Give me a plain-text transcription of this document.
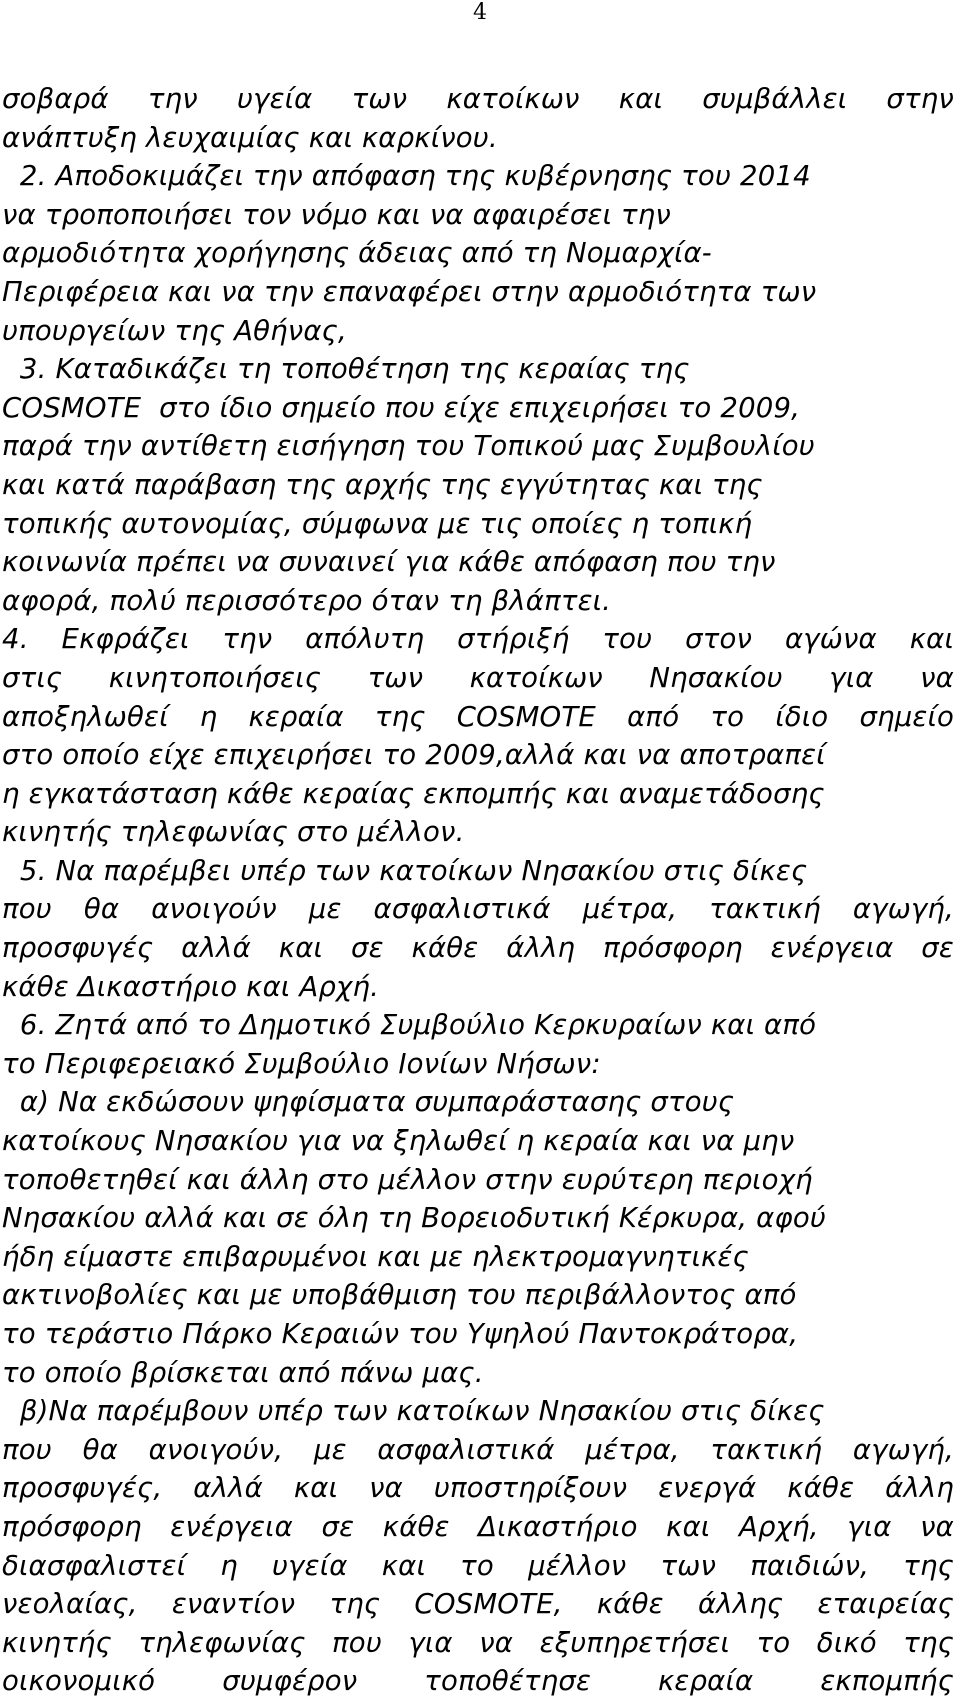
4
σοβαρά την υγεία των κατοίκων και συμβάλλει στην
ανάπτυξη λευχαιμίας και καρκίνου.
2. Αποδοκιμάζει την απόφαση της κυβέρνησης του 2014
να τροποποιήσει τον νόμο και να αφαιρέσει την
αρμοδιότητα χορήγησης άδειας από τη Νομαρχία-
Περιφέρεια και να την επαναφέρει στην αρμοδιότητα των
υπουργείων της Αθήνας,
3. Καταδικάζει τη τοποθέτηση της κεραίας της
COSMOTE  στο ίδιο σημείο που είχε επιχειρήσει το 2009,
παρά την αντίθετη εισήγηση του Τοπικού μας Συμβουλίου
και κατά παράβαση της αρχής της εγγύτητας και της
τοπικής αυτονομίας, σύμφωνα με τις οποίες η τοπική
κοινωνία πρέπει να συναινεί για κάθε απόφαση που την
αφορά, πολύ περισσότερο όταν τη βλάπτει.
4. Εκφράζει την απόλυτη στήριξή του στον αγώνα και
στις κινητοποιήσεις των κατοίκων Νησακίου για να
αποξηλωθεί η κεραία της COSMOTE από το ίδιο σημείο
στο οποίο είχε επιχειρήσει το 2009,αλλά και να αποτραπεί
η εγκατάσταση κάθε κεραίας εκπομπής και αναμετάδοσης
κινητής τηλεφωνίας στο μέλλον.
5. Να παρέμβει υπέρ των κατοίκων Νησακίου στις δίκες
που θα ανοιγούν με ασφαλιστικά μέτρα, τακτική αγωγή,
προσφυγές αλλά και σε κάθε άλλη πρόσφορη ενέργεια σε
κάθε Δικαστήριο και Αρχή.
6. Ζητά από το Δημοτικό Συμβούλιο Κερκυραίων και από
το Περιφερειακό Συμβούλιο Ιονίων Νήσων:
α) Να εκδώσουν ψηφίσματα συμπαράστασης στους
κατοίκους Νησακίου για να ξηλωθεί η κεραία και να μην
τοποθετηθεί και άλλη στο μέλλον στην ευρύτερη περιοχή
Νησακίου αλλά και σε όλη τη Βορειοδυτική Κέρκυρα, αφού
ήδη είμαστε επιβαρυμένοι και με ηλεκτρομαγνητικές
ακτινοβολίες και με υποβάθμιση του περιβάλλοντος από
το τεράστιο Πάρκο Κεραιών του Υψηλού Παντοκράτορα,
το οποίο βρίσκεται από πάνω μας.
β)Να παρέμβουν υπέρ των κατοίκων Νησακίου στις δίκες
που θα ανοιγούν, με ασφαλιστικά μέτρα, τακτική αγωγή,
προσφυγές, αλλά και να υποστηρίξουν ενεργά κάθε άλλη
πρόσφορη ενέργεια σε κάθε Δικαστήριο και Αρχή, για να
διασφαλιστεί η υγεία και το μέλλον των παιδιών, της
νεολαίας, εναντίον της COSMOTE, κάθε άλλης εταιρείας
κινητής τηλεφωνίας που για να εξυπηρετήσει το δικό της
οικονομικό συμφέρον τοποθέτησε κεραία εκπομπής
